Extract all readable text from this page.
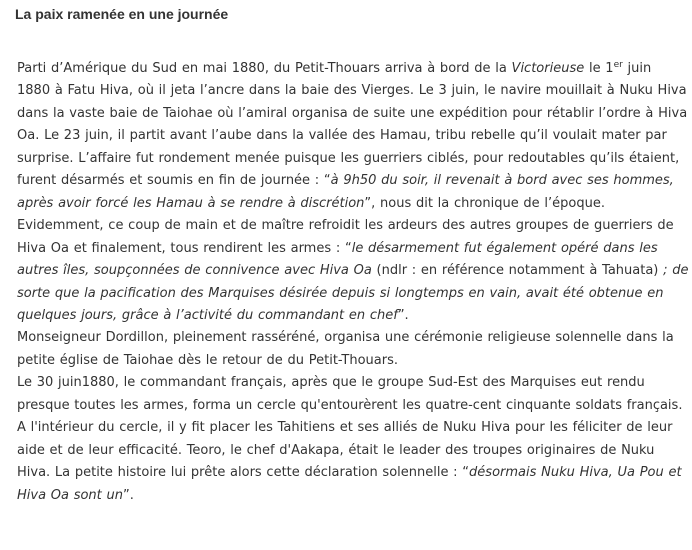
La paix ramenée en une journée

Parti d’Amérique du Sud en mai 1880, du Petit-Thouars arriva à bord de la Victorieuse le 1er juin 1880 à Fatu Hiva, où il jeta l’ancre dans la baie des Vierges. Le 3 juin, le navire mouillait à Nuku Hiva dans la vaste baie de Taiohae où l’amiral organisa de suite une expédition pour rétablir l’ordre à Hiva Oa. Le 23 juin, il partit avant l’aube dans la vallée des Hamau, tribu rebelle qu’il voulait mater par surprise. L’affaire fut rondement menée puisque les guerriers ciblés, pour redoutables qu’ils étaient, furent désarmés et soumis en fin de journée : “à 9h50 du soir, il revenait à bord avec ses hommes, après avoir forcé les Hamau à se rendre à discrétion”, nous dit la chronique de l’époque.

Evidemment, ce coup de main et de maître refroidit les ardeurs des autres groupes de guerriers de Hiva Oa et finalement, tous rendirent les armes : “le désarmement fut également opéré dans les autres îles, soupçonnées de connivence avec Hiva Oa (ndlr : en référence notamment à Tahuata) ; de sorte que la pacification des Marquises désirée depuis si longtemps en vain, avait été obtenue en quelques jours, grâce à l’activité du commandant en chef”.

Monseigneur Dordillon, pleinement rasséréné, organisa une cérémonie religieuse solennelle dans la petite église de Taiohae dès le retour de du Petit-Thouars.

Le 30 juin1880, le commandant français, après que le groupe Sud-Est des Marquises eut rendu presque toutes les armes, forma un cercle qu'entourèrent les quatre-cent cinquante soldats français. A l'intérieur du cercle, il y fit placer les Tahitiens et ses alliés de Nuku Hiva pour les féliciter de leur aide et de leur efficacité. Teoro, le chef d'Aakapa, était le leader des troupes originaires de Nuku Hiva. La petite histoire lui prête alors cette déclaration solennelle : “désormais Nuku Hiva, Ua Pou et Hiva Oa sont un”.
